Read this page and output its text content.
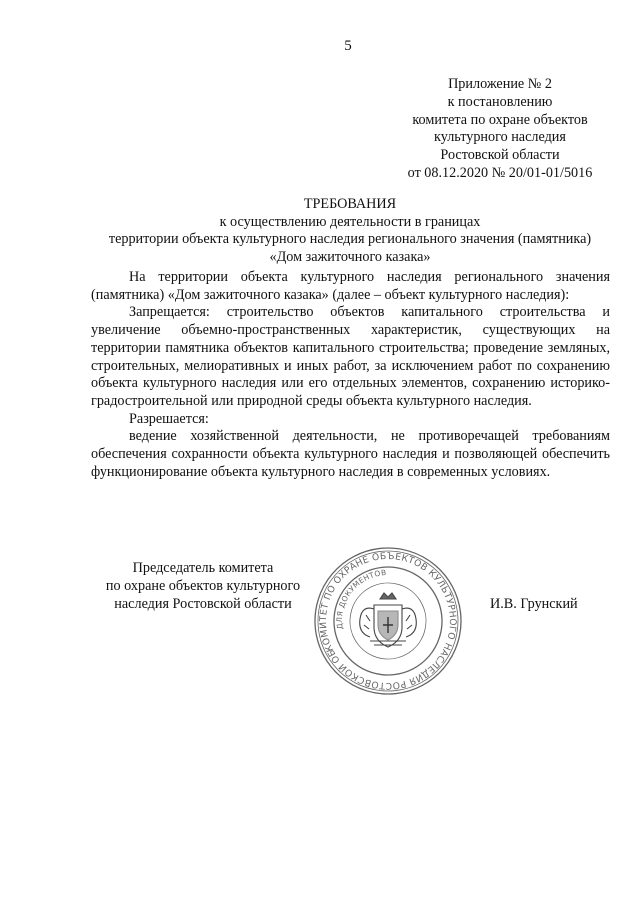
5
Приложение № 2
к постановлению
комитета по охране объектов
культурного наследия
Ростовской области
от 08.12.2020 № 20/01-01/5016
ТРЕБОВАНИЯ
к осуществлению деятельности в границах
территории объекта культурного наследия регионального значения (памятника)
«Дом зажиточного казака»

На территории объекта культурного наследия регионального значения (памятника) «Дом зажиточного казака» (далее – объект культурного наследия):

Запрещается: строительство объектов капитального строительства и увеличение объемно-пространственных характеристик, существующих на территории памятника объектов капитального строительства; проведение земляных, строительных, мелиоративных и иных работ, за исключением работ по сохранению объекта культурного наследия или его отдельных элементов, сохранению историко-градостроительной или природной среды объекта культурного наследия.

Разрешается:

ведение хозяйственной деятельности, не противоречащей требованиям обеспечения сохранности объекта культурного наследия и позволяющей обеспечить функционирование объекта культурного наследия в современных условиях.

Председатель комитета
по охране объектов культурного
наследия Ростовской области	И.В. Грунский
КОМИТЕТ ПО ОХРАНЕ ОБЪЕКТОВ КУЛЬТУРНОГО НАСЛЕДИЯ РОСТОВСКОЙ ОБЛАСТИ
ДЛЯ ДОКУМЕНТОВ
